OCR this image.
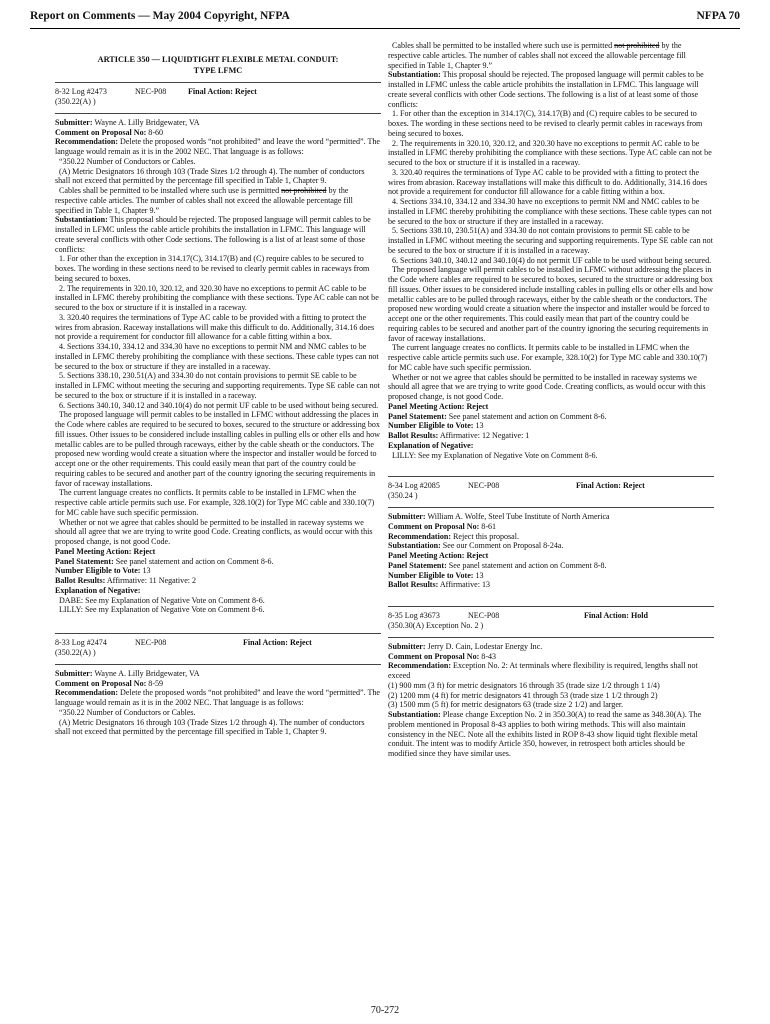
Report on Comments — May 2004 Copyright, NFPA	NFPA 70
ARTICLE 350 — LIQUIDTIGHT FLEXIBLE METAL CONDUIT:
TYPE LFMC
8-32 Log #2473	NEC-P08	Final Action: Reject

(350.22(A) )

Submitter: Wayne A. Lilly Bridgewater, VA

Comment on Proposal No: 8-60

Recommendation: Delete the proposed words “not prohibited” and leave the word “permitted”. The language would remain as it is in the 2002 NEC. That language is as follows:

“350.22 Number of Conductors or Cables.

(A) Metric Designators 16 through 103 (Trade Sizes 1/2 through 4). The number of conductors shall not exceed that permitted by the percentage fill specified in Table 1, Chapter 9.

Cables shall be permitted to be installed where such use is permitted not prohibited by the respective cable articles. The number of cables shall not exceed the allowable percentage fill specified in Table 1, Chapter 9.”

Substantiation: This proposal should be rejected. The proposed language will permit cables to be installed in LFMC unless the cable article prohibits the installation in LFMC. This language will create several conflicts with other Code sections. The following is a list of at least some of those conflicts:

1. For other than the exception in 314.17(C), 314.17(B) and (C) require cables to be secured to boxes. The wording in these sections need to be revised to clearly permit cables in raceways from being secured to boxes.

2. The requirements in 320.10, 320.12, and 320.30 have no exceptions to permit AC cable to be installed in LFMC thereby prohibiting the compliance with these sections. Type AC cable can not be secured to the box or structure if it is installed in a raceway.

3. 320.40 requires the terminations of Type AC cable to be provided with a fitting to protect the wires from abrasion. Raceway installations will make this difficult to do. Additionally, 314.16 does not provide a requirement for conductor fill allowance for a cable fitting within a box.

4. Sections 334.10, 334.12 and 334.30 have no exceptions to permit NM and NMC cables to be installed in LFMC thereby prohibiting the compliance with these sections. These cable types can not be secured to the box or structure if they are installed in a raceway.

5. Sections 338.10, 230.51(A) and 334.30 do not contain provisions to permit SE cable to be installed in LFMC without meeting the securing and supporting requirements. Type SE cable can not be secured to the box or structure if it is installed in a raceway.

6. Sections 340.10, 340.12 and 340.10(4) do not permit UF cable to be used without being secured.

The proposed language will permit cables to be installed in LFMC without addressing the places in the Code where cables are required to be secured to boxes, secured to the structure or addressing box fill issues. Other issues to be considered include installing cables in pulling ells or other ells and how metallic cables are to be pulled through raceways, either by the cable sheath or the conductors. The proposed new wording would create a situation where the inspector and installer would be forced to accept one or the other requirements. This could easily mean that part of the country could be requiring cables to be secured and another part of the country ignoring the securing requirements in favor of raceway installations.

The current language creates no conflicts. It permits cable to be installed in LFMC when the respective cable article permits such use. For example, 328.10(2) for Type MC cable and 330.10(7) for MC cable have such specific permission.

Whether or not we agree that cables should be permitted to be installed in raceway systems we should all agree that we are trying to write good Code. Creating conflicts, as would occur with this proposed change, is not good Code.

Panel Meeting Action: Reject

Panel Statement: See panel statement and action on Comment 8-6.

Number Eligible to Vote: 13

Ballot Results: Affirmative: 11 Negative: 2

Explanation of Negative:

DABE: See my Explanation of Negative Vote on Comment 8-6.

LILLY: See my Explanation of Negative Vote on Comment 8-6.

8-33 Log #2474	NEC-P08	Final Action: Reject

(350.22(A) )

Submitter: Wayne A. Lilly Bridgewater, VA

Comment on Proposal No: 8-59

Recommendation: Delete the proposed words “not prohibited” and leave the word “permitted”. The language would remain as it is in the 2002 NEC. That language is as follows:

“350.22 Number of Conductors or Cables.

(A) Metric Designators 16 through 103 (Trade Sizes 1/2 through 4). The number of conductors shall not exceed that permitted by the percentage fill specified in Table 1, Chapter 9.

Cables shall be permitted to be installed where such use is permitted not prohibited by the respective cable articles. The number of cables shall not exceed the allowable percentage fill specified in Table 1, Chapter 9.”

Substantiation: This proposal should be rejected. The proposed language will permit cables to be installed in LFMC unless the cable article prohibits the installation in LFMC. This language will create several conflicts with other Code sections. The following is a list of at least some of those conflicts:

1. For other than the exception in 314.17(C), 314.17(B) and (C) require cables to be secured to boxes. The wording in these sections need to be revised to clearly permit cables in raceways from being secured to boxes.

2. The requirements in 320.10, 320.12, and 320.30 have no exceptions to permit AC cable to be installed in LFMC thereby prohibiting the compliance with these sections. Type AC cable can not be secured to the box or structure if it is installed in a raceway.

3. 320.40 requires the terminations of Type AC cable to be provided with a fitting to protect the wires from abrasion. Raceway installations will make this difficult to do. Additionally, 314.16 does not provide a requirement for conductor fill allowance for a cable fitting within a box.

4. Sections 334.10, 334.12 and 334.30 have no exceptions to permit NM and NMC cables to be installed in LFMC thereby prohibiting the compliance with these sections. These cable types can not be secured to the box or structure if they are installed in a raceway.

5. Sections 338.10, 230.51(A) and 334.30 do not contain provisions to permit SE cable to be installed in LFMC without meeting the securing and supporting requirements. Type SE cable can not be secured to the box or structure if it is installed in a raceway.

6. Sections 340.10, 340.12 and 340.10(4) do not permit UF cable to be used without being secured.

The proposed language will permit cables to be installed in LFMC without addressing the places in the Code where cables are required to be secured to boxes, secured to the structure or addressing box fill issues. Other issues to be considered include installing cables in pulling ells or other ells and how metallic cables are to be pulled through raceways, either by the cable sheath or the conductors. The proposed new wording would create a situation where the inspector and installer would be forced to accept one or the other requirements. This could easily mean that part of the country could be requiring cables to be secured and another part of the country ignoring the securing requirements in favor of raceway installations.

The current language creates no conflicts. It permits cable to be installed in LFMC when the respective cable article permits such use. For example, 328.10(2) for Type MC cable and 330.10(7) for MC cable have such specific permission.

Whether or not we agree that cables should be permitted to be installed in raceway systems we should all agree that we are trying to write good Code. Creating conflicts, as would occur with this proposed change, is not good Code.

Panel Meeting Action: Reject

Panel Statement: See panel statement and action on Comment 8-6.

Number Eligible to Vote: 13

Ballot Results: Affirmative: 12 Negative: 1

Explanation of Negative:

LILLY: See my Explanation of Negative Vote on Comment 8-6.

8-34 Log #2085	NEC-P08	Final Action: Reject

(350.24 )

Submitter: William A. Wolfe, Steel Tube Institute of North America

Comment on Proposal No: 8-61

Recommendation: Reject this proposal.

Substantiation: See our Comment on Proposal 8-24a.

Panel Meeting Action: Reject

Panel Statement: See panel statement and action on Comment 8-8.

Number Eligible to Vote: 13

Ballot Results: Affirmative: 13

8-35 Log #3673	NEC-P08	Final Action: Hold

(350.30(A) Exception No. 2 )

Submitter: Jerry D. Cain, Lodestar Energy Inc.

Comment on Proposal No: 8-43

Recommendation: Exception No. 2: At terminals where flexibility is required, lengths shall not exceed

(1) 900 mm (3 ft) for metric designators 16 through 35 (trade size 1/2 through 1 1/4)

(2) 1200 mm (4 ft) for metric designators 41 through 53 (trade size 1 1/2 through 2)

(3) 1500 mm (5 ft) for metric designators 63 (trade size 2 1/2) and larger.

Substantiation: Please change Exception No. 2 in 350.30(A) to read the same as 348.30(A). The problem mentioned in Proposal 8-43 applies to both wiring methods. This will also maintain consistency in the NEC. Note all the exhibits listed in ROP 8-43 show liquid tight flexible metal conduit. The intent was to modify Article 350, however, in retrospect both articles should be modified since they have similar uses.

70-272
